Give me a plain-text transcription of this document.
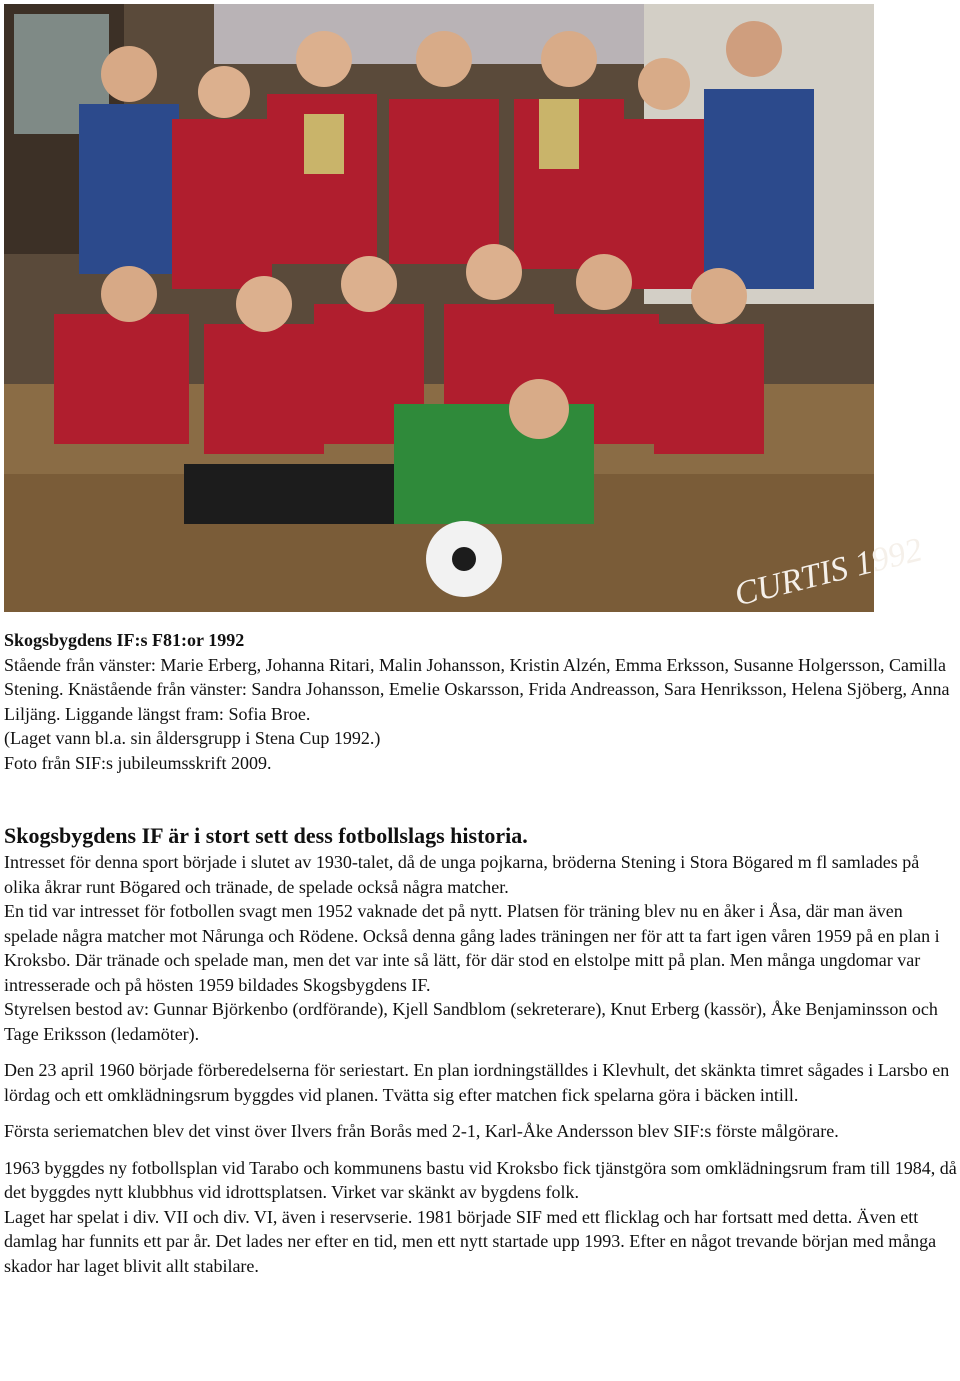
CURTIS 1992

Skogsbygdens IF:s F81:or 1992

Stående från vänster: Marie Erberg, Johanna Ritari, Malin Johansson, Kristin Alzén, Emma Erksson, Susanne Holgersson, Camilla Stening. Knästående från vänster: Sandra Johansson, Emelie Oskarsson, Frida Andreasson, Sara Henriksson, Helena Sjöberg, Anna Liljäng. Liggande längst fram: Sofia Broe.

(Laget vann bl.a. sin åldersgrupp i Stena Cup 1992.)

Foto från SIF:s jubileumsskrift 2009.

Skogsbygdens IF är i stort sett dess fotbollslags historia.

Intresset för denna sport började i slutet av 1930-talet, då de unga pojkarna, bröderna Stening i Stora Bögared m fl samlades på olika åkrar runt Bögared och tränade, de spelade också några matcher.

En tid var intresset för fotbollen svagt men 1952 vaknade det på nytt. Platsen för träning blev nu en åker i Åsa, där man även spelade några matcher mot Nårunga och Rödene. Också denna gång lades träningen ner för att ta fart igen våren 1959 på en plan i Kroksbo. Där tränade och spelade man, men det var inte så lätt, för där stod en elstolpe mitt på plan. Men många ungdomar var intresserade och på hösten 1959 bildades Skogsbygdens IF.

Styrelsen bestod av: Gunnar Björkenbo (ordförande), Kjell Sandblom (sekreterare), Knut Erberg (kassör), Åke Benjaminsson och Tage Eriksson (ledamöter).

Den 23 april 1960 började förberedelserna för seriestart. En plan iordningställdes i Klevhult, det skänkta timret sågades i Larsbo en lördag och ett omklädningsrum byggdes vid planen. Tvätta sig efter matchen fick spelarna göra i bäcken intill.

Första seriematchen blev det vinst över Ilvers från Borås med 2-1, Karl-Åke Andersson blev SIF:s förste målgörare.

1963 byggdes ny fotbollsplan vid Tarabo och kommunens bastu vid Kroksbo fick tjänstgöra som omklädningsrum fram till 1984, då det byggdes nytt klubbhus vid idrottsplatsen. Virket var skänkt av bygdens folk.

Laget har spelat i div. VII och div. VI, även i reservserie. 1981 började SIF med ett flicklag och har fortsatt med detta. Även ett damlag har funnits ett par år. Det lades ner efter en tid, men ett nytt startade upp 1993. Efter en något trevande början med många skador har laget blivit allt stabilare.
